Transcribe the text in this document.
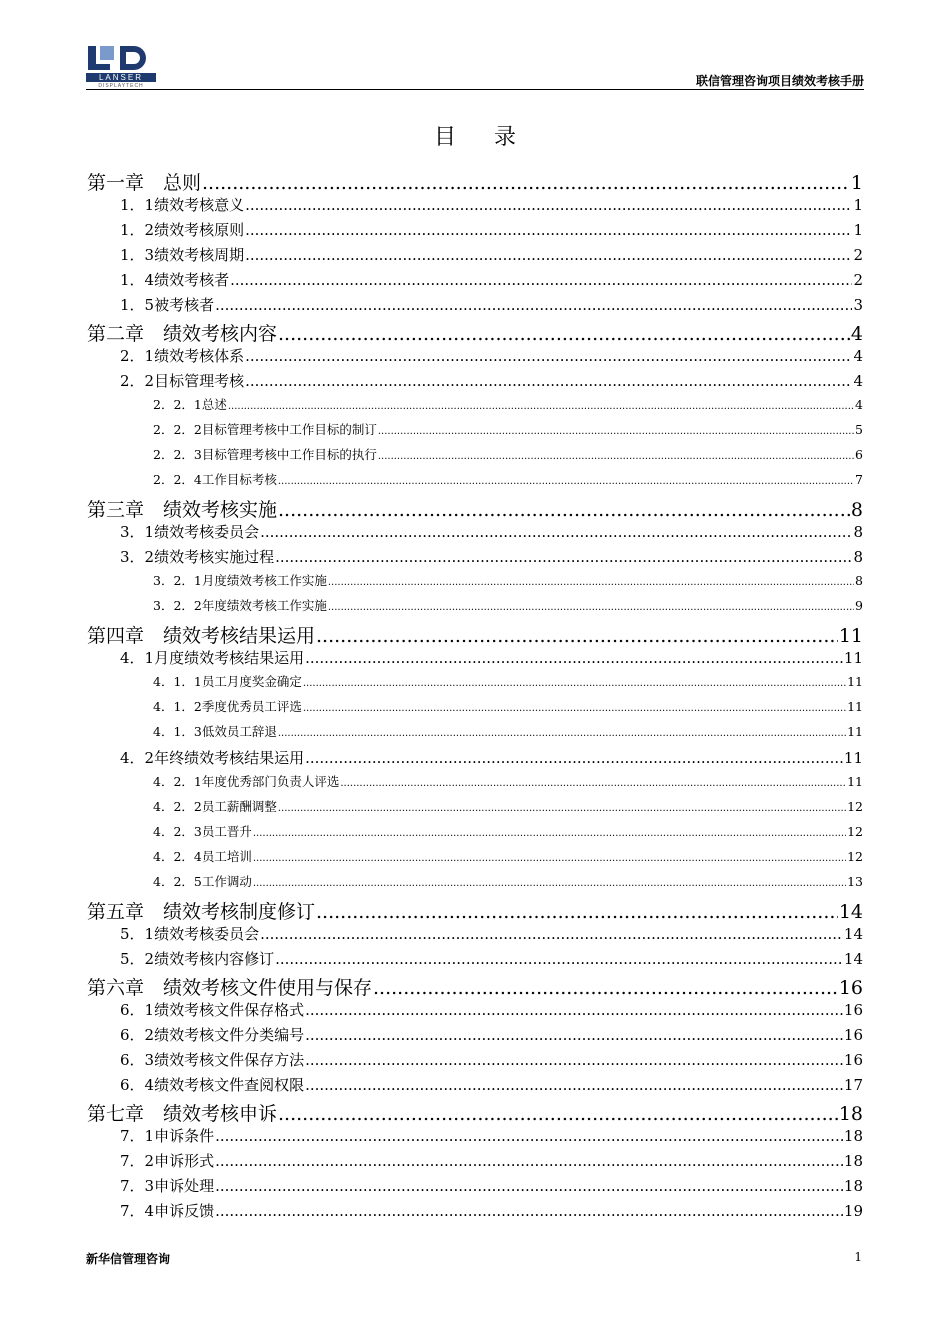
LANSER
DISPLAYTECH	联信管理咨询项目绩效考核手册
目录
第一章　总则 .....	1
1．1绩效考核意义 .....	1
1．2绩效考核原则 .....	1
1．3绩效考核周期 .....	2
1．4绩效考核者 .....	2
1．5被考核者 .....	3
第二章　绩效考核内容 .....	4
2．1绩效考核体系 .....	4
2．2目标管理考核 .....	4
2．2．1总述 .....	4
2．2．2目标管理考核中工作目标的制订 .....	5
2．2．3目标管理考核中工作目标的执行 .....	6
2．2．4工作目标考核 .....	7
第三章　绩效考核实施 .....	8
3．1绩效考核委员会 .....	8
3．2绩效考核实施过程 .....	8
3．2．1月度绩效考核工作实施 .....	8
3．2．2年度绩效考核工作实施 .....	9
第四章　绩效考核结果运用 .....	11
4．1月度绩效考核结果运用 .....	11
4．1．1员工月度奖金确定 .....	11
4．1．2季度优秀员工评选 .....	11
4．1．3低效员工辞退 .....	11
4．2年终绩效考核结果运用 .....	11
4．2．1年度优秀部门负责人评选 .....	11
4．2．2员工薪酬调整 .....	12
4．2．3员工晋升 .....	12
4．2．4员工培训 .....	12
4．2．5工作调动 .....	13
第五章　绩效考核制度修订 .....	14
5．1绩效考核委员会 .....	14
5．2绩效考核内容修订 .....	14
第六章　绩效考核文件使用与保存 .....	16
6．1绩效考核文件保存格式 .....	16
6．2绩效考核文件分类编号 .....	16
6．3绩效考核文件保存方法 .....	16
6．4绩效考核文件查阅权限 .....	17
第七章　绩效考核申诉 .....	18
7．1申诉条件 .....	18
7．2申诉形式 .....	18
7．3申诉处理 .....	18
7．4申诉反馈 .....	19
新华信管理咨询	1
